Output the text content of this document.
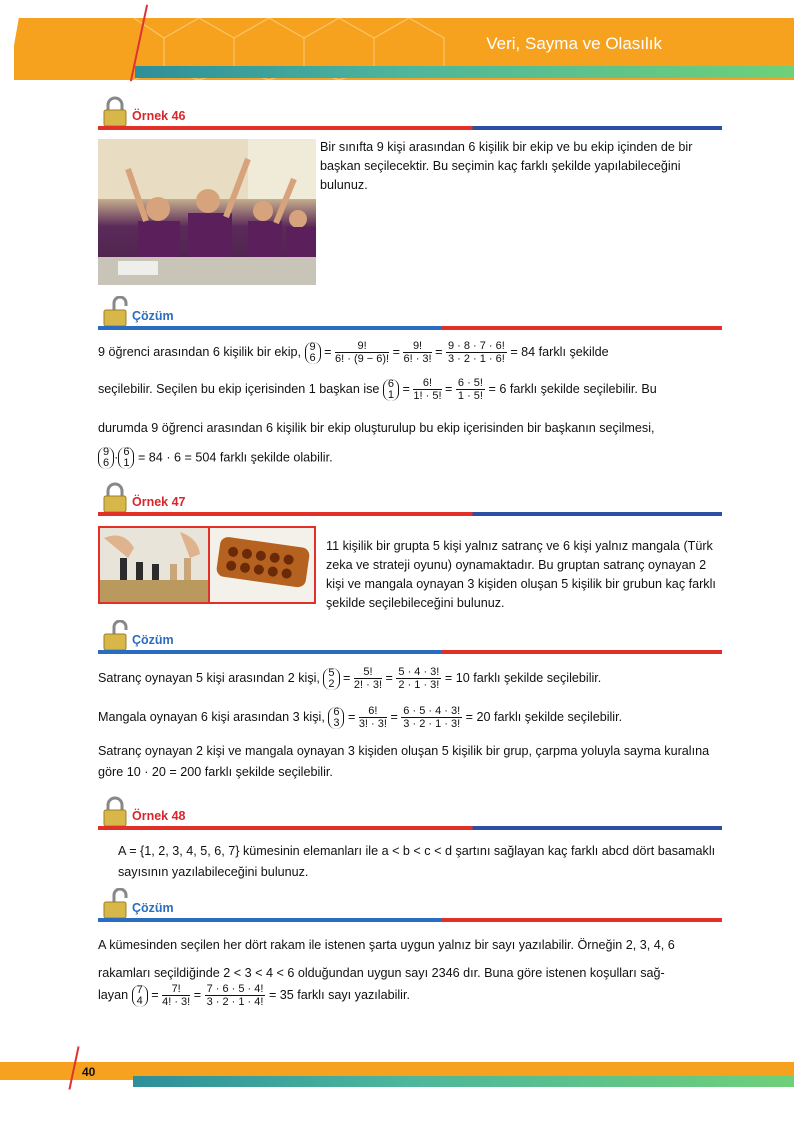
Veri, Sayma ve Olasılık
Örnek 46
Bir sınıfta 9 kişi arasından 6 kişilik bir ekip ve bu ekip içinden de bir başkan seçilecektir. Bu seçimin kaç farklı şekilde yapılabileceğini bulunuz.
Çözüm
9 öğrenci arasından 6 kişilik bir ekip, 9
$6 = \frac{9!}{6! \cdot (9 - 6)!} = \frac{9!}{6! \cdot 3!} = \frac{9 \cdot 8 \cdot 7 \cdot 6!}{3 \cdot 2 \cdot 1 \cdot 6!} = 84$ farklı şekilde
seçilebilir. Seçilen bu ekip içerisinden 1 başkan ise 6
$1 = \frac{6!}{1! \cdot 5!} = \frac{6 \cdot 5!}{1 \cdot 5!} = 6$ farklı şekilde seçilebilir. Bu
durumda 9 öğrenci arasından 6 kişilik bir ekip oluşturulup bu ekip içerisinden bir başkanın seçilmesi,
9
6 · 6
1 = 84 · 6 = 504 farklı şekilde olabilir.
Örnek 47
11 kişilik bir grupta 5 kişi yalnız satranç ve 6 kişi yalnız mangala (Türk zeka ve strateji oyunu) oynamaktadır. Bu gruptan satranç oynayan 2 kişi ve mangala oynayan 3 kişiden oluşan 5 kişilik bir grubun kaç farklı şekilde seçilebileceğini bulunuz.
Çözüm
Satranç oynayan 5 kişi arasından 2 kişi, 5
$2 = \frac{5!}{2! \cdot 3!} = \frac{5 \cdot 4 \cdot 3!}{2 \cdot 1 \cdot 3!} = 10$ farklı şekilde seçilebilir.
Mangala oynayan 6 kişi arasından 3 kişi, 6
$3 = \frac{6!}{3! \cdot 3!} = \frac{6 \cdot 5 \cdot 4 \cdot 3!}{3 \cdot 2 \cdot 1 \cdot 3!} = 20$ farklı şekilde seçilebilir.
Satranç oynayan 2 kişi ve mangala oynayan 3 kişiden oluşan 5 kişilik bir grup, çarpma yoluyla sayma kuralına göre 10 · 20 = 200 farklı şekilde seçilebilir.
Örnek 48
A = {1, 2, 3, 4, 5, 6, 7} kümesinin elemanları ile a < b < c < d şartını sağlayan kaç farklı abcd dört basamaklı sayısının yazılabileceğini bulunuz.
Çözüm
A kümesinden seçilen her dört rakam ile istenen şarta uygun yalnız bir sayı yazılabilir. Örneğin 2, 3, 4, 6 rakamları seçildiğinde 2 < 3 < 4 < 6 olduğundan uygun sayı 2346 dır. Buna göre istenen koşulları sağ-
layan 7
$4 = \frac{7!}{4! \cdot 3!} = \frac{7 \cdot 6 \cdot 5 \cdot 4!}{3 \cdot 2 \cdot 1 \cdot 4!} = 35$ farklı sayı yazılabilir.
40
